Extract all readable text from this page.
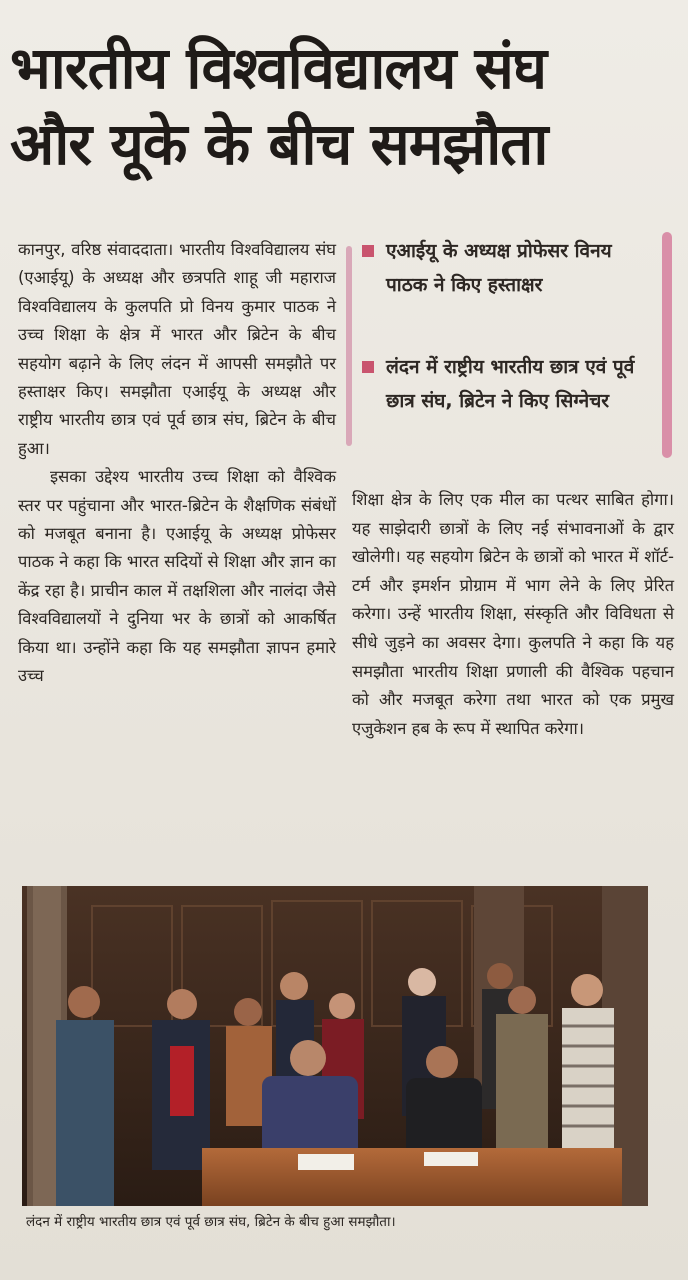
भारतीय विश्वविद्यालय संघ
और यूके के बीच समझौता

कानपुर, वरिष्ठ संवाददाता। भारतीय विश्वविद्यालय संघ (एआईयू) के अध्यक्ष और छत्रपति शाहू जी महाराज विश्वविद्यालय के कुलपति प्रो विनय कुमार पाठक ने उच्च शिक्षा के क्षेत्र में भारत और ब्रिटेन के बीच सहयोग बढ़ाने के लिए लंदन में आपसी समझौते पर हस्ताक्षर किए। समझौता एआईयू के अध्यक्ष और राष्ट्रीय भारतीय छात्र एवं पूर्व छात्र संघ, ब्रिटेन के बीच हुआ।

इसका उद्देश्य भारतीय उच्च शिक्षा को वैश्विक स्तर पर पहुंचाना और भारत-ब्रिटेन के शैक्षणिक संबंधों को मजबूत बनाना है। एआईयू के अध्यक्ष प्रोफेसर पाठक ने कहा कि भारत सदियों से शिक्षा और ज्ञान का केंद्र रहा है। प्राचीन काल में तक्षशिला और नालंदा जैसे विश्वविद्यालयों ने दुनिया भर के छात्रों को आकर्षित किया था। उन्होंने कहा कि यह समझौता ज्ञापन हमारे उच्च

एआईयू के अध्यक्ष प्रोफेसर विनय पाठक ने किए हस्ताक्षर
लंदन में राष्ट्रीय भारतीय छात्र एवं पूर्व छात्र संघ, ब्रिटेन ने किए सिग्नेचर

शिक्षा क्षेत्र के लिए एक मील का पत्थर साबित होगा। यह साझेदारी छात्रों के लिए नई संभावनाओं के द्वार खोलेगी। यह सहयोग ब्रिटेन के छात्रों को भारत में शॉर्ट-टर्म और इमर्शन प्रोग्राम में भाग लेने के लिए प्रेरित करेगा। उन्हें भारतीय शिक्षा, संस्कृति और विविधता से सीधे जुड़ने का अवसर देगा। कुलपति ने कहा कि यह समझौता भारतीय शिक्षा प्रणाली की वैश्विक पहचान को और मजबूत करेगा तथा भारत को एक प्रमुख एजुकेशन हब के रूप में स्थापित करेगा।

लंदन में राष्ट्रीय भारतीय छात्र एवं पूर्व छात्र संघ, ब्रिटेन के बीच हुआ समझौता।
